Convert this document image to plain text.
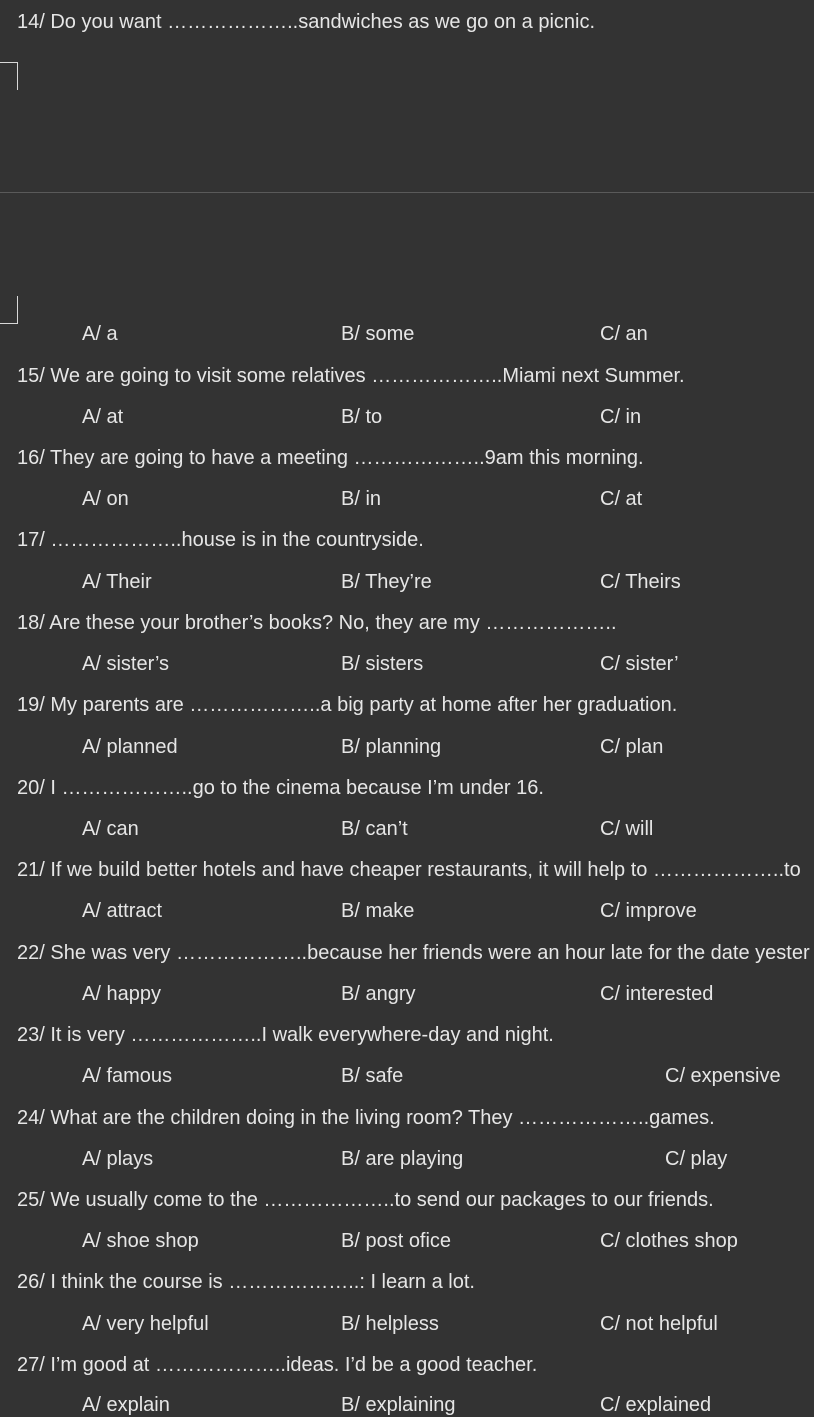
14/ Do you want ………………..sandwiches as we go on a picnic.
A/ a	B/ some	C/ an
15/ We are going to visit some relatives ………………..Miami next Summer.
A/ at	B/ to	C/ in
16/ They are going to have a meeting ………………..9am this morning.
A/ on	B/ in	C/ at
17/ ………………..house is in the countryside.
A/ Their	B/ They’re	C/ Theirs
18/ Are these your brother’s books? No, they are my ………………..
A/ sister’s	B/ sisters	C/ sister’
19/ My parents are ………………..a big party at home after her graduation.
A/ planned	B/ planning	C/ plan
20/ I ………………..go to the cinema because I’m under 16.
A/ can	B/ can’t	C/ will
21/ If we build better hotels and have cheaper restaurants, it will help to ………………..to
A/ attract	B/ make	C/ improve
22/ She was very ………………..because her friends were an hour late for the date yester
A/ happy	B/ angry	C/ interested
23/ It is very ………………..I walk everywhere-day and night.
A/ famous	B/ safe	C/ expensive
24/ What are the children doing in the living room? They ………………..games.
A/ plays	B/ are playing	C/ play
25/ We usually come to the ………………..to send our packages to our friends.
A/ shoe shop	B/ post ofice	C/ clothes shop
26/ I think the course is ………………..: I learn a lot.
A/ very helpful	B/ helpless	C/ not helpful
27/ I’m good at ………………..ideas. I’d be a good teacher.
A/ explain	B/ explaining	C/ explained
